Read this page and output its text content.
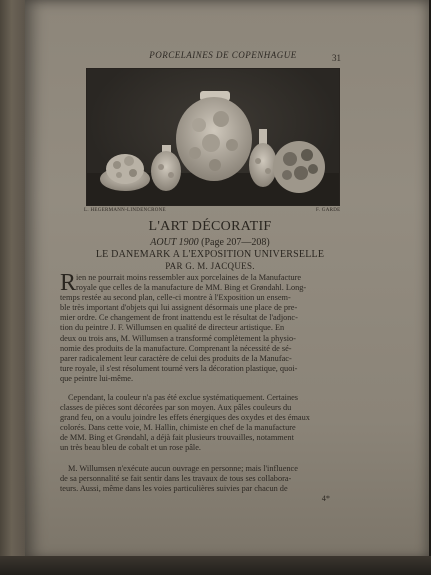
PORCELAINES DE COPENHAGUE	31
L. HEGERMANN-LINDENCRONE	F. GARDE
L'ART DÉCORATIF
AOUT 1900 (Page 207—208)
LE DANEMARK A L'EXPOSITION UNIVERSELLE
PAR G. M. JACQUES.
R ien ne pourrait moins ressembler aux porcelaines de la Manufacture
royale que celles de la manufacture de MM. Bing et Grøndahl. Long-
temps restée au second plan, celle-ci montre à l'Exposition un ensem-
ble très important d'objets qui lui assignent désormais une place de pre-
mier ordre. Ce changement de front inattendu est le résultat de l'adjonc-
tion du peintre J. F. Willumsen en qualité de directeur artistique. En
deux ou trois ans, M. Willumsen a transformé complètement la physio-
nomie des produits de la manufacture. Comprenant la nécessité de sé-
parer radicalement leur caractère de celui des produits de la Manufac-
ture royale, il s'est résolument tourné vers la décoration plastique, quoi-
que peintre lui-même.
Cependant, la couleur n'a pas été exclue systématiquement. Certaines
classes de pièces sont décorées par son moyen. Aux pâles couleurs du
grand feu, on a voulu joindre les effets énergiques des oxydes et des émaux
colorés. Dans cette voie, M. Hallin, chimiste en chef de la manufacture
de MM. Bing et Grøndahl, a déjà fait plusieurs trouvailles, notamment
un très beau bleu de cobalt et un rose pâle.
M. Willumsen n'exécute aucun ouvrage en personne; mais l'influence
de sa personnalité se fait sentir dans les travaux de tous ses collabora-
teurs. Aussi, même dans les voies particulières suivies par chacun de
4*
